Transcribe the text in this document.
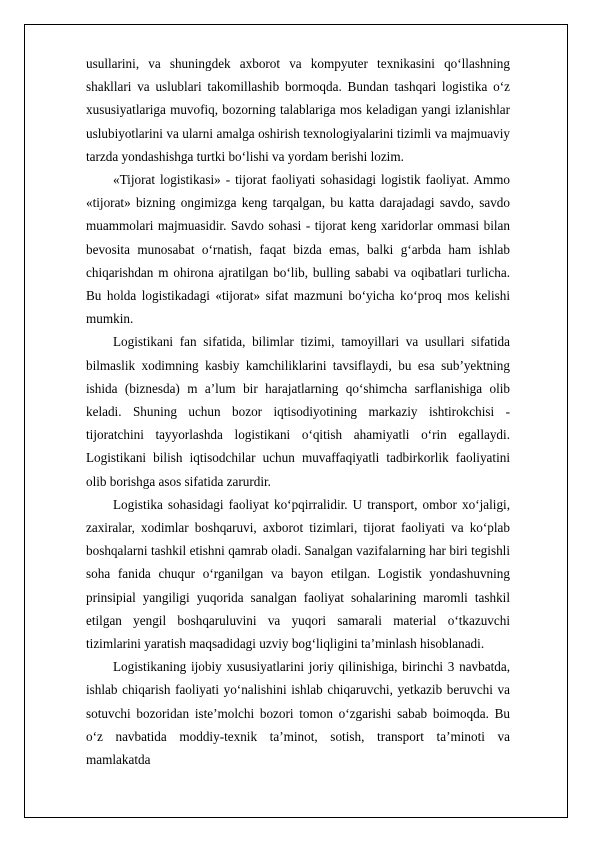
usullarini, va shuningdek axborot va kompyuter texnikasini qo‘llashning shakllari va uslublari takomillashib bormoqda. Bundan tashqari logistika o‘z xususiyatlariga muvofiq, bozorning talablariga mos keladigan yangi izlanishlar uslubiyotlarini va ularni amalga oshirish texnologiyalarini tizimli va majmuaviy tarzda yondashishga turtki bo‘lishi va yordam berishi lozim.

«Tijorat logistikasi» - tijorat faoliyati sohasidagi logistik faoliyat. Ammo «tijorat» bizning ongimizga keng tarqalgan, bu katta darajadagi savdo, savdo muammolari majmuasidir. Savdo sohasi - tijorat keng xaridorlar ommasi bilan bevosita munosabat o‘rnatish, faqat bizda emas, balki g‘arbda ham ishlab chiqarishdan m ohirona ajratilgan bo‘lib, bulling sababi va oqibatlari turlicha. Bu holda logistikadagi «tijorat» sifat mazmuni bo‘yicha ko‘proq mos kelishi mumkin.

Logistikani fan sifatida, bilimlar tizimi, tamoyillari va usullari sifatida bilmaslik xodimning kasbiy kamchiliklarini tavsiflaydi, bu esa sub’yektning ishida (biznesda) m a’lum bir harajatlarning qo‘shimcha sarflanishiga olib keladi. Shuning uchun bozor iqtisodiyotining markaziy ishtirokchisi - tijoratchini tayyorlashda logistikani o‘qitish ahamiyatli o‘rin egallaydi. Logistikani bilish iqtisodchilar uchun muvaffaqiyatli tadbirkorlik faoliyatini olib borishga asos sifatida zarurdir.

Logistika sohasidagi faoliyat ko‘pqirralidir. U transport, ombor xo‘jaligi, zaxiralar, xodimlar boshqaruvi, axborot tizimlari, tijorat faoliyati va ko‘plab boshqalarni tashkil etishni qamrab oladi. Sanalgan vazifalarning har biri tegishli soha fanida chuqur o‘rganilgan va bayon etilgan. Logistik yondashuvning prinsipial yangiligi yuqorida sanalgan faoliyat sohalarining maromli tashkil etilgan yengil boshqaruluvini va yuqori samarali material o‘tkazuvchi tizimlarini yaratish maqsadidagi uzviy bog‘liqligini ta’minlash hisoblanadi.

Logistikaning ijobiy xususiyatlarini joriy qilinishiga, birinchi 3 navbatda, ishlab chiqarish faoliyati yo‘nalishini ishlab chiqaruvchi, yetkazib beruvchi va sotuvchi bozoridan iste’molchi bozori tomon o‘zgarishi sabab boimoqda. Bu o‘z navbatida moddiy-texnik ta’minot, sotish, transport ta’minoti va mamlakatda
